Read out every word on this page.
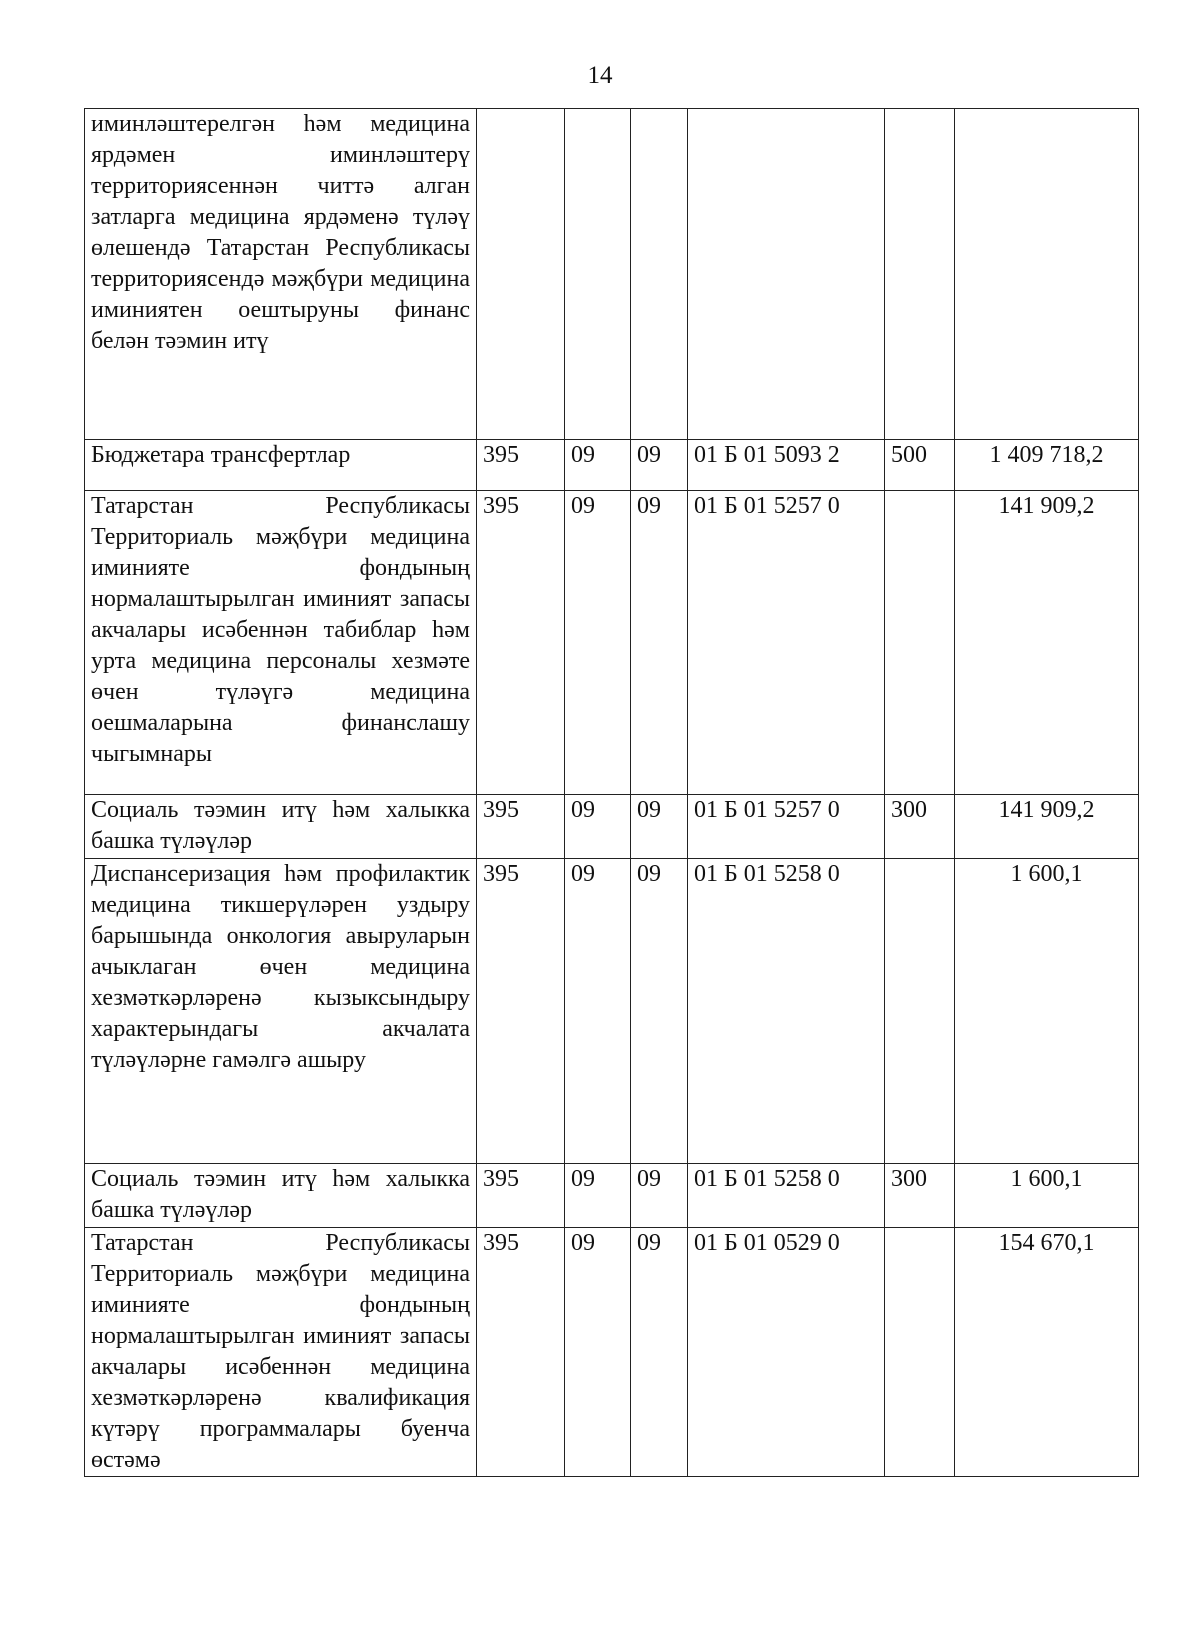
14
иминләштерелгән һәм медицина ярдәмен иминләштерү территориясеннән читтә алган затларга медицина ярдәменә түләү өлешендә Татарстан Республикасы территориясендә мәҗбүри медицина иминиятен оештыруны финанс белән тәэмин итү						
Бюджетара трансфертлар	395	09	09	01 Б 01 5093 2	500	1 409 718,2
Татарстан Республикасы Территориаль мәҗбүри медицина иминияте фондының нормалаштырылган иминият запасы акчалары исәбеннән табиблар һәм урта медицина персоналы хезмәте өчен түләүгә медицина оешмаларына финанслашу чыгымнары	395	09	09	01 Б 01 5257 0		141 909,2
Социаль тәэмин итү һәм халыкка башка түләүләр	395	09	09	01 Б 01 5257 0	300	141 909,2
Диспансеризация һәм профилактик медицина тикшерүләрен уздыру барышында онкология авыруларын ачыклаган өчен медицина хезмәткәрләренә кызыксындыру характерындагы акчалата түләүләрне гамәлгә ашыру	395	09	09	01 Б 01 5258 0		1 600,1
Социаль тәэмин итү һәм халыкка башка түләүләр	395	09	09	01 Б 01 5258 0	300	1 600,1
Татарстан Республикасы Территориаль мәҗбүри медицина иминияте фондының нормалаштырылган иминият запасы акчалары исәбеннән медицина хезмәткәрләренә квалификация күтәрү программалары буенча өстәмә	395	09	09	01 Б 01 0529 0		154 670,1
